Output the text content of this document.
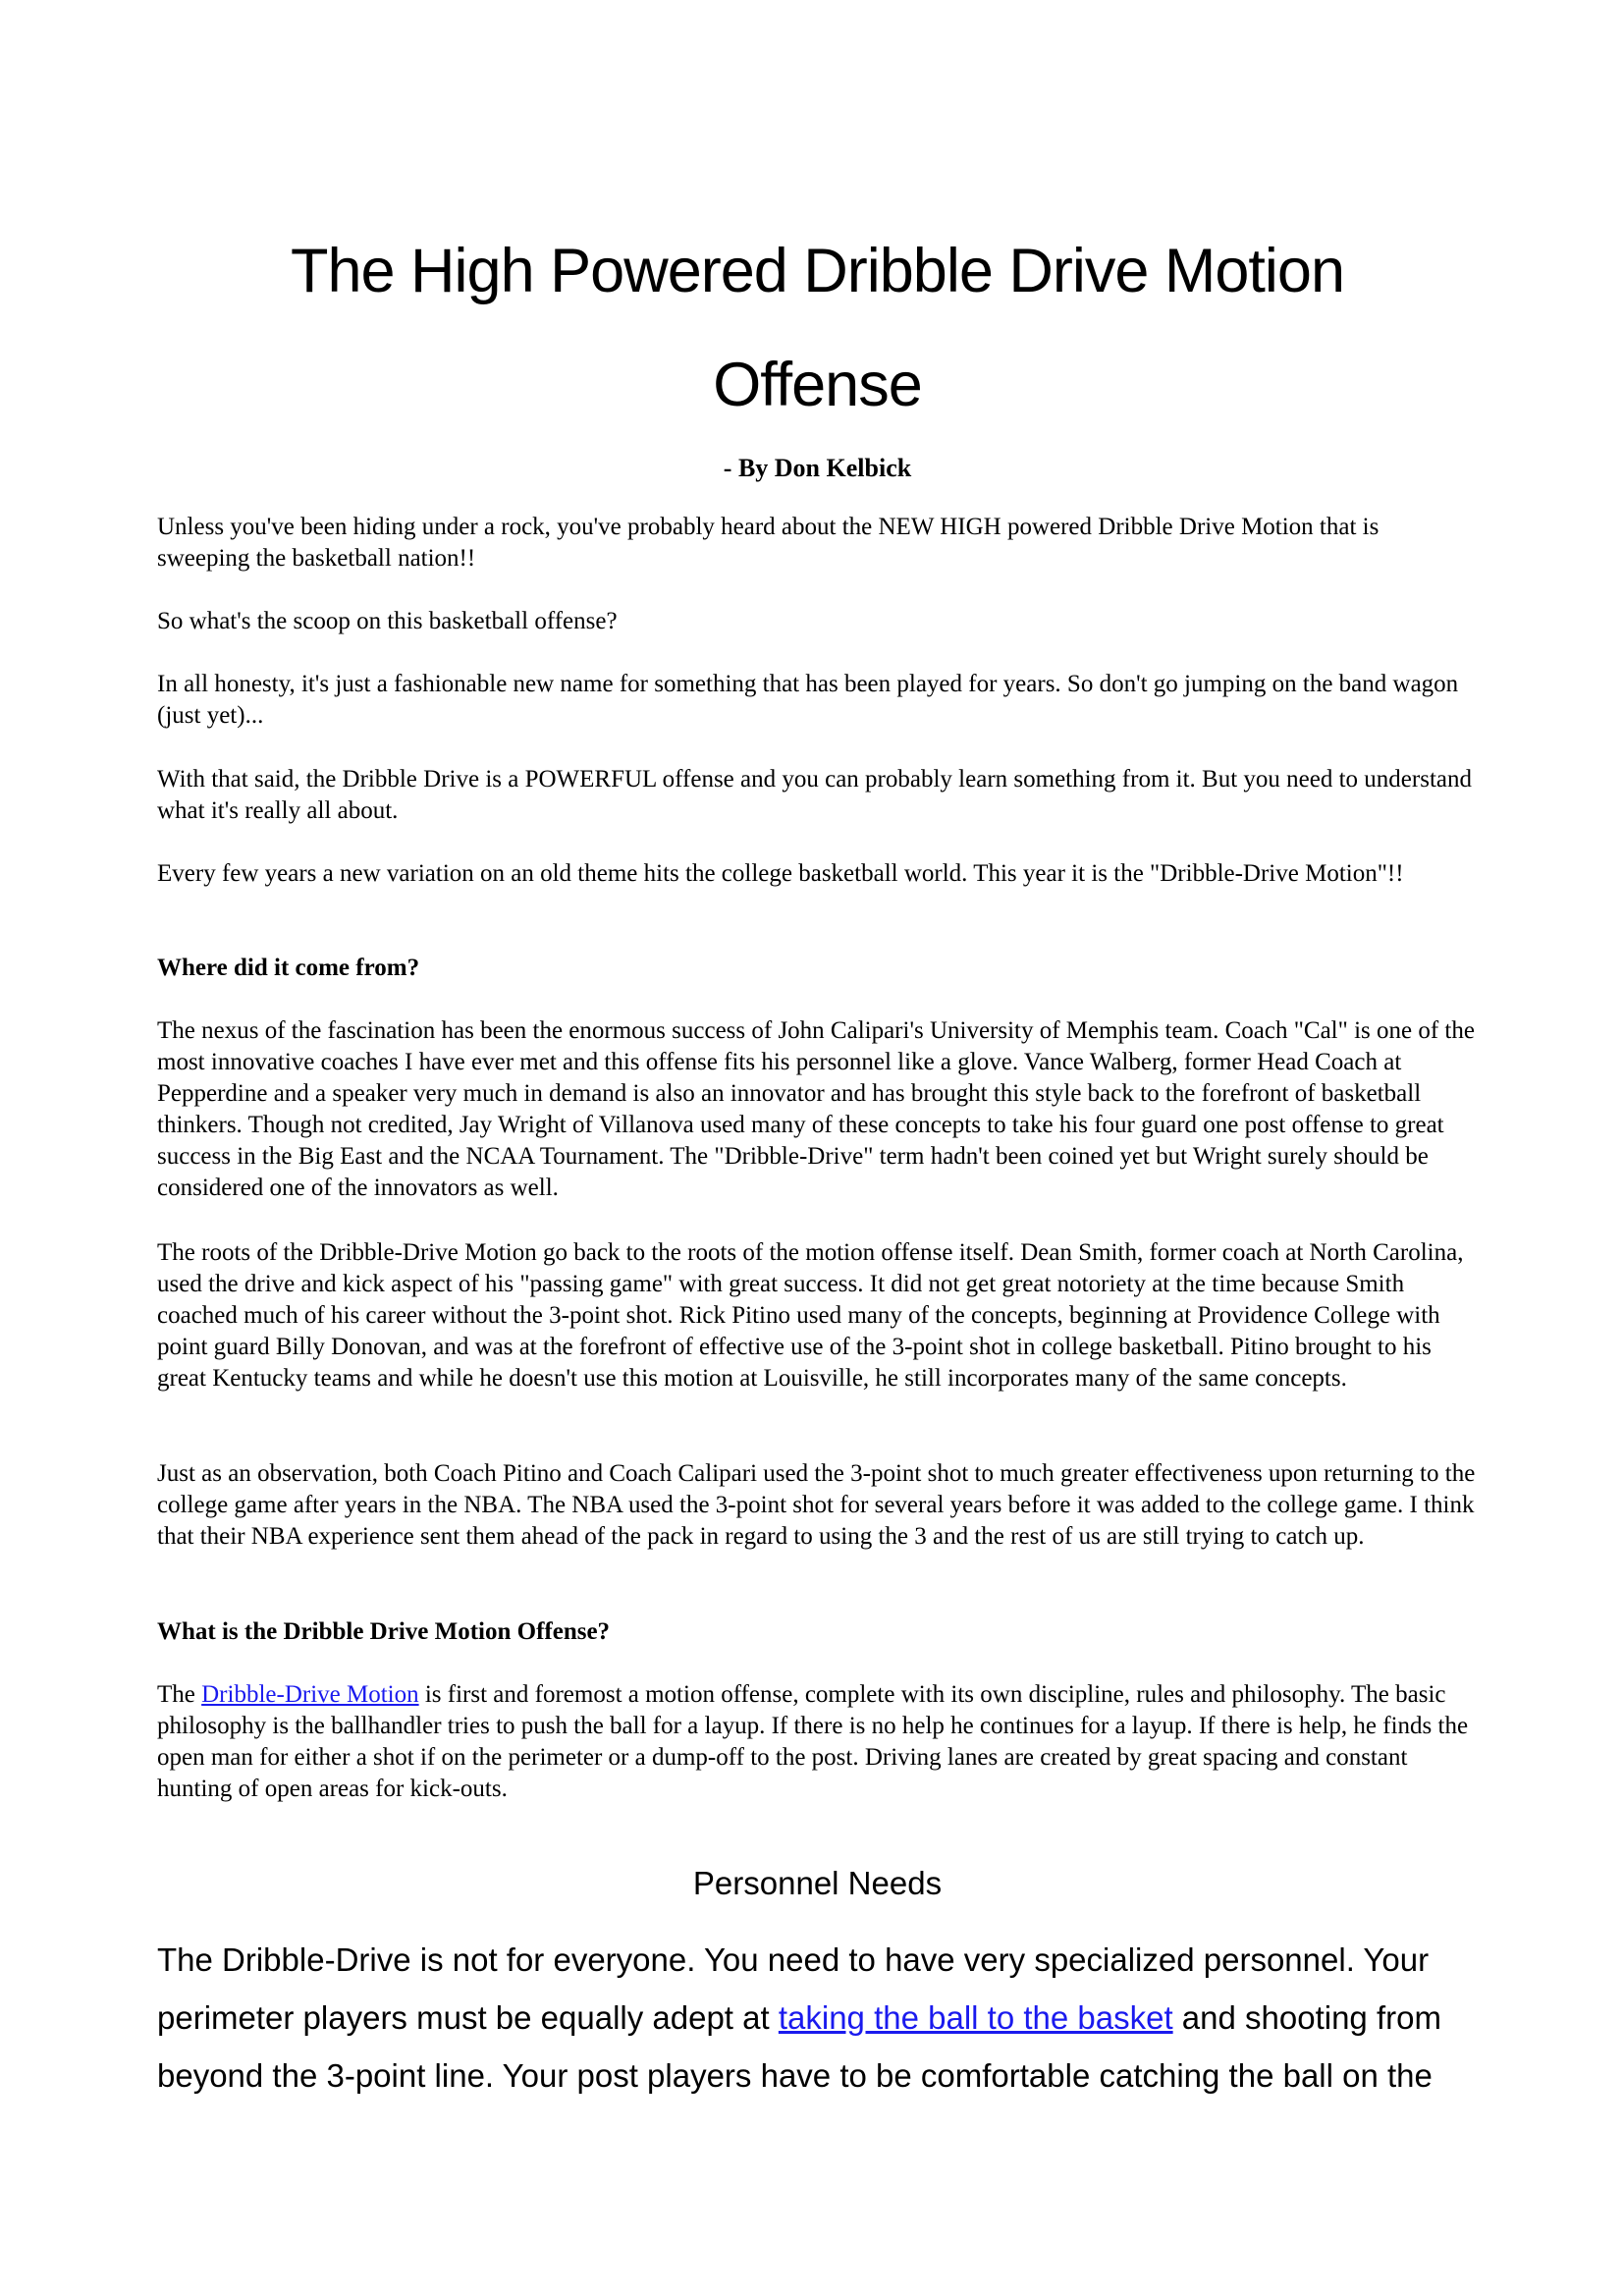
The High Powered Dribble Drive Motion
Offense

- By Don Kelbick

Unless you've been hiding under a rock, you've probably heard about the NEW HIGH powered Dribble Drive Motion that is sweeping the basketball nation!!

So what's the scoop on this basketball offense?

In all honesty, it's just a fashionable new name for something that has been played for years. So don't go jumping on the band wagon (just yet)...

With that said, the Dribble Drive is a POWERFUL offense and you can probably learn something from it. But you need to understand what it's really all about.

Every few years a new variation on an old theme hits the college basketball world. This year it is the "Dribble-Drive Motion"!!

Where did it come from?

The nexus of the fascination has been the enormous success of John Calipari's University of Memphis team. Coach "Cal" is one of the most innovative coaches I have ever met and this offense fits his personnel like a glove. Vance Walberg, former Head Coach at Pepperdine and a speaker very much in demand is also an innovator and has brought this style back to the forefront of basketball thinkers. Though not credited, Jay Wright of Villanova used many of these concepts to take his four guard one post offense to great success in the Big East and the NCAA Tournament. The "Dribble-Drive" term hadn't been coined yet but Wright surely should be considered one of the innovators as well.

The roots of the Dribble-Drive Motion go back to the roots of the motion offense itself. Dean Smith, former coach at North Carolina, used the drive and kick aspect of his "passing game" with great success. It did not get great notoriety at the time because Smith coached much of his career without the 3-point shot. Rick Pitino used many of the concepts, beginning at Providence College with point guard Billy Donovan, and was at the forefront of effective use of the 3-point shot in college basketball. Pitino brought to his great Kentucky teams and while he doesn't use this motion at Louisville, he still incorporates many of the same concepts.

Just as an observation, both Coach Pitino and Coach Calipari used the 3-point shot to much greater effectiveness upon returning to the college game after years in the NBA. The NBA used the 3-point shot for several years before it was added to the college game. I think that their NBA experience sent them ahead of the pack in regard to using the 3 and the rest of us are still trying to catch up.

What is the Dribble Drive Motion Offense?

The Dribble-Drive Motion is first and foremost a motion offense, complete with its own discipline, rules and philosophy. The basic philosophy is the ballhandler tries to push the ball for a layup. If there is no help he continues for a layup. If there is help, he finds the open man for either a shot if on the perimeter or a dump-off to the post. Driving lanes are created by great spacing and constant hunting of open areas for kick-outs.

Personnel Needs

The Dribble-Drive is not for everyone. You need to have very specialized personnel. Your perimeter players must be equally adept at taking the ball to the basket and shooting from beyond the 3-point line. Your post players have to be comfortable catching the ball on the
